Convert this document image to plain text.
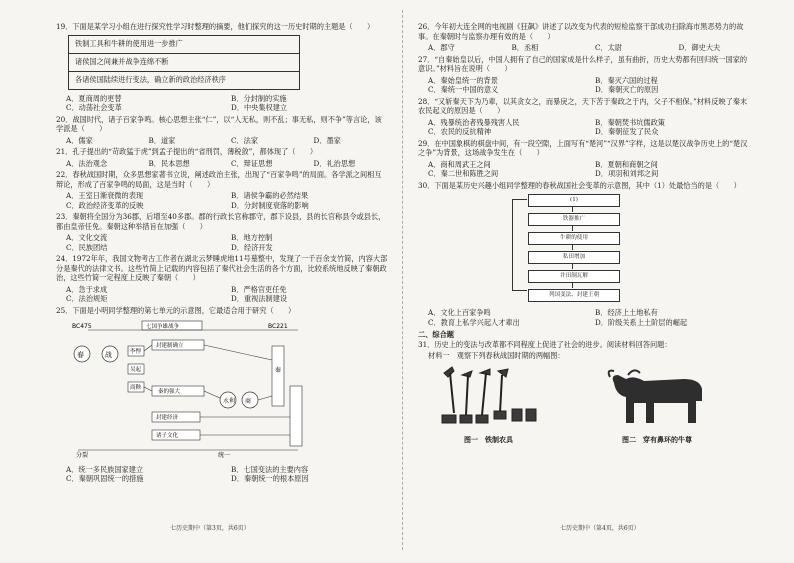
19．下面是某学习小组在进行探究性学习时整理的摘要，他们探究的这一历史时期的主题是（　　）
铁制工具和牛耕的使用进一步推广
诸侯国之间兼并战争连绵不断
各诸侯国陆续进行变法，确立新的政治经济秩序
A．夏商周的更替	B．分封制的实施
C．动荡社会变革	D．中央集权建立
20．战国时代，诸子百家争鸣。核心思想主张“仁”，以“人无私，则不乱；事无私，则不争”等言论，该学派是（　　）
A．儒家	B．道家	C．法家	D．墨家
21．孔子提出的“苛政猛于虎”到孟子提出的“省刑罚，薄税敛”，都体现了（　　）
A．法治观念	B．民本思想	C．辩证思想	D．礼治思想
22．春秋战国时期，众多思想家著书立说，阐述政治主张，出现了“百家争鸣”的局面。各学派之间相互辩论，形成了百家争鸣的局面，这是当时（　　）
A．王室日渐衰微的表现	B．诸侯争霸的必然结果
C．政治经济变革的反映	D．分封制度衰落的影响
23．秦朝将全国分为36郡，后增至40多郡。郡的行政长官称郡守，郡下设县，县的长官称县令或县长，都由皇帝任免。秦朝这种举措旨在加强（　　）
A．文化交流	B．地方控制
C．民族团结	D．经济开发
24．1972年年，我国文物考古工作者在湖北云梦睡虎地11号墓整中，发现了一千百余支竹简，内容大部分是秦代的法律文书。这些竹简上记载的内容包括了秦代社会生活的各个方面，比较系统地反映了秦朝政治，这些竹简一定程度上反映了秦朝（　　）
A．急于求成	B．严格官吏任免
C．法治规矩	D．重视法制建设
25．下面是小明同学整理的第七单元的示意图，它最适合用于研究（　　）
BC475	BC221
七国争雄战争
春	战	李悝
吴起
商鞅
封建制确立
秦的强大
封建经济
诸子文化
水利 商
秦
分裂	统一
A．统一多民族国家建立	B．七国变法的主要内容
C．秦朝巩固统一的措施	D．秦朝统一的根本原因
七历史期中（第3页，共6页）
26．今年初大连全网的电视剧《狂飙》讲述了以改变为代表的短检监察干部成功扫除海市黑恶势力的故事。在秦朝时与监察办理有效的是（　　）
A．郡守	B．丞相	C．太尉	D．御史大夫
27．“自秦始皇以后，中国人拥有了自己的国家成是什么样子，虽有曲折，历史大势都有回归统一国家的意识。”材料旨在说明（　　）
A．秦始皇统一的背景	B．秦灭六国的过程
C．秦统一中国的意义	D．秦朝灭亡的原因
28．“又斩秦天下为乃辈，以其贪女之，而暴戾之，天下苦于秦政之于内，父子不相保。”材料反映了秦末农民起义的原因是（　　）
A．残暴统治者残暴残害人民	B．秦朝焚书坑儒政策
C．农民的反抗精神	D．秦朝征发了民众
29．在中国象棋的棋盘中间，有一段空隙，上面写有“楚河”“汉界”字样，这是以楚汉战争历史上的“楚汉之争”为背景，这场战争发生在（　　）
A．商和周武王之间	B．夏朝和商朝之间
C．秦二世和陈胜之间	D．项羽和刘邦之间
30．下面是某历史兴趣小组同学整理的春秋战国社会变革的示意图，其中（1）处最恰当的是（　　）
(1)
铁器推广
牛耕的使用
私田增加
井田制瓦解
列国变法、封建王朝
A．文化上百家争鸣	B．经济上土地私有
C．教育上私学兴起人才辈出	D．阶级关系上土阶层的崛起
二、综合题
31．历史上的变法与改革都不同程度上促进了社会的进步。阅读材料回答问题：
材料一　观察下列春秋战国时期的两幅图：
图一　铁制农具	图二　穿有鼻环的牛尊
七历史期中（第4页，共6页）
